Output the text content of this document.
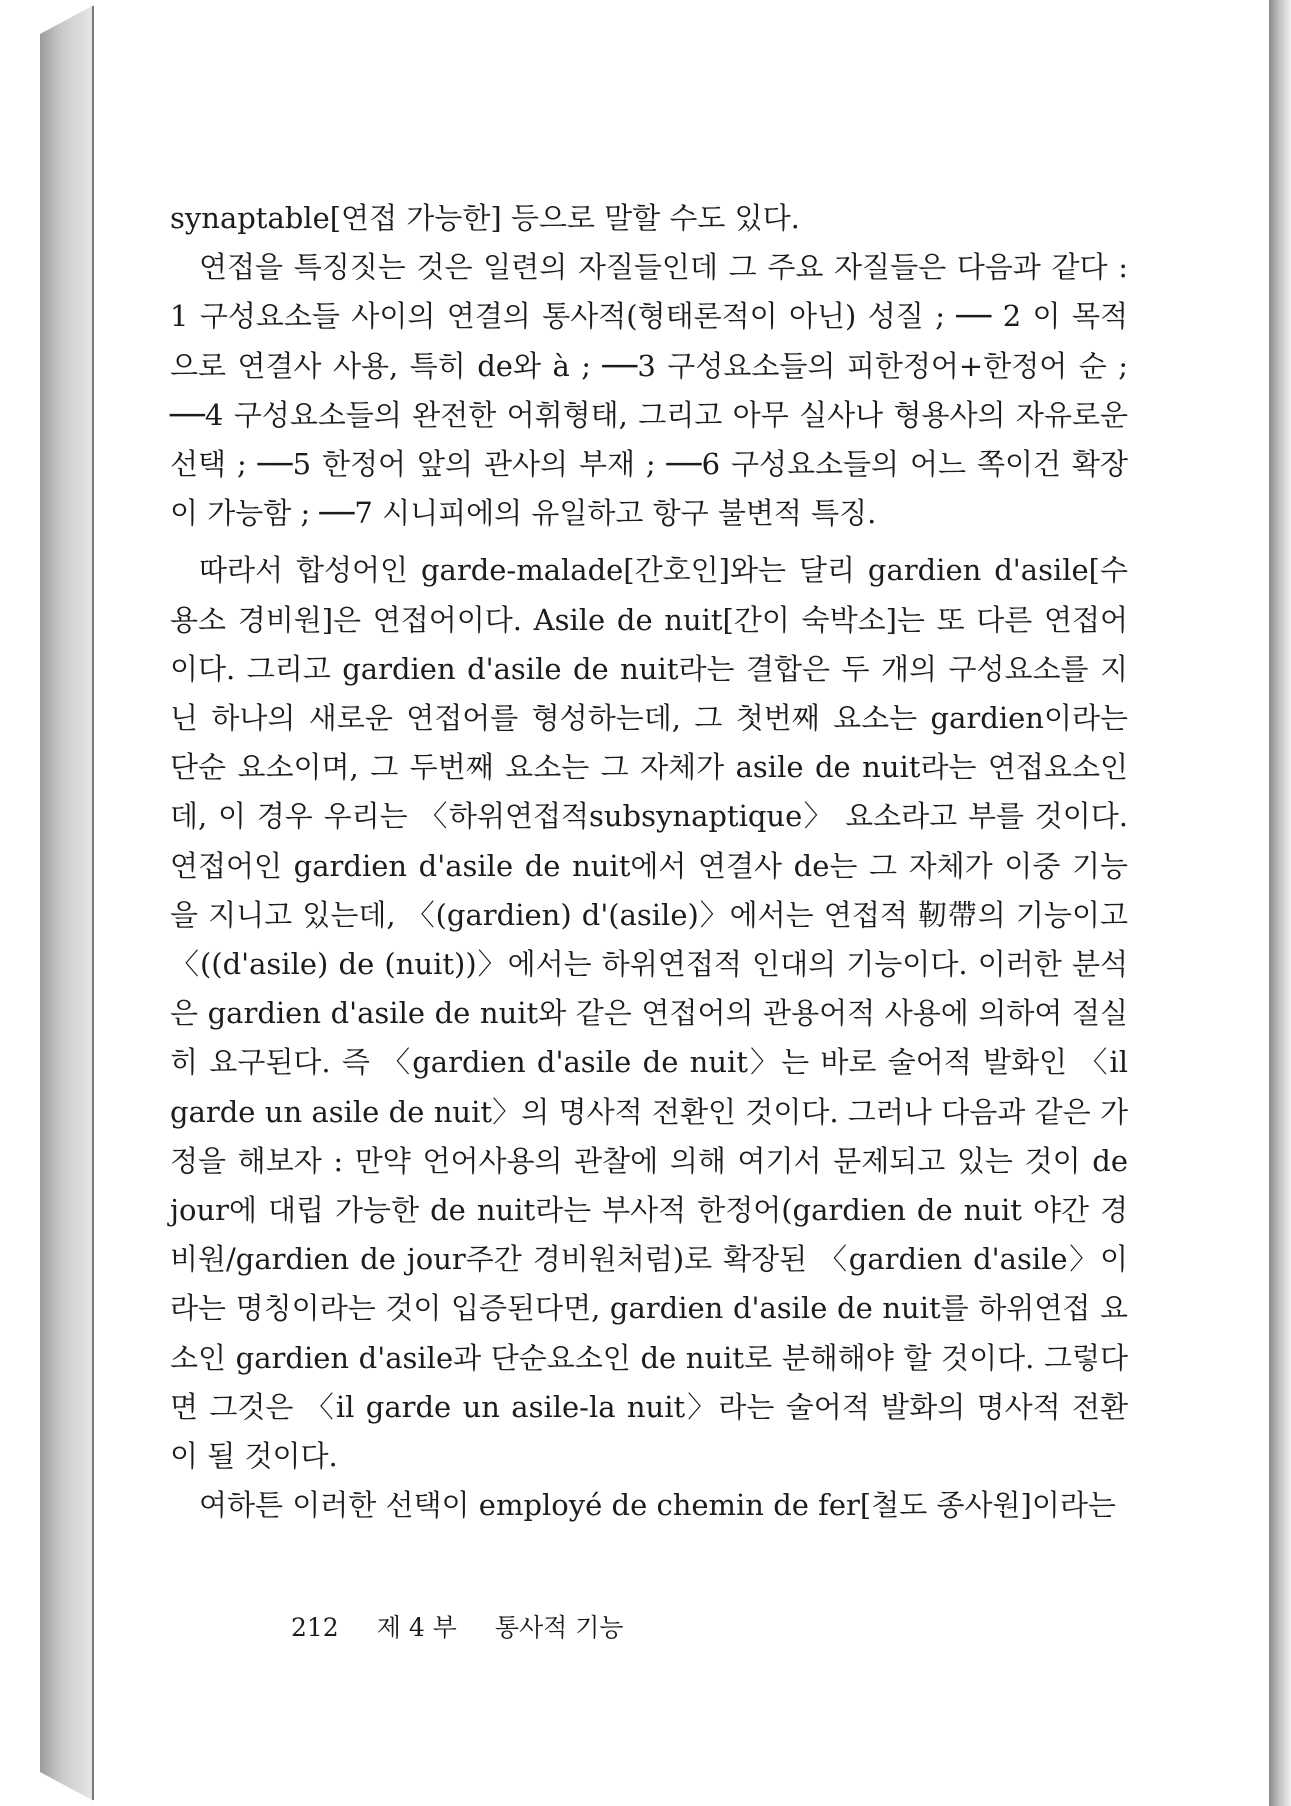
synaptable[연접 가능한] 등으로 말할 수도 있다.

연접을 특징짓는 것은 일련의 자질들인데 그 주요 자질들은 다음과 같다 : 1 구성요소들 사이의 연결의 통사적(형태론적이 아닌) 성질 ; ── 2 이 목적으로 연결사 사용, 특히 de와 à ; ──3 구성요소들의 피한정어+한정어 순 ; ──4 구성요소들의 완전한 어휘형태, 그리고 아무 실사나 형용사의 자유로운 선택 ; ──5 한정어 앞의 관사의 부재 ; ──6 구성요소들의 어느 쪽이건 확장이 가능함 ; ──7 시니피에의 유일하고 항구 불변적 특징.

따라서 합성어인 garde-malade[간호인]와는 달리 gardien d'asile[수용소 경비원]은 연접어이다. Asile de nuit[간이 숙박소]는 또 다른 연접어이다. 그리고 gardien d'asile de nuit라는 결합은 두 개의 구성요소를 지닌 하나의 새로운 연접어를 형성하는데, 그 첫번째 요소는 gardien이라는 단순 요소이며, 그 두번째 요소는 그 자체가 asile de nuit라는 연접요소인데, 이 경우 우리는 〈하위연접적subsynaptique〉 요소라고 부를 것이다. 연접어인 gardien d'asile de nuit에서 연결사 de는 그 자체가 이중 기능을 지니고 있는데, 〈(gardien) d'(asile)〉에서는 연접적 靭帶의 기능이고 〈((d'asile) de (nuit))〉에서는 하위연접적 인대의 기능이다. 이러한 분석은 gardien d'asile de nuit와 같은 연접어의 관용어적 사용에 의하여 절실히 요구된다. 즉 〈gardien d'asile de nuit〉는 바로 술어적 발화인 〈il garde un asile de nuit〉의 명사적 전환인 것이다. 그러나 다음과 같은 가정을 해보자 : 만약 언어사용의 관찰에 의해 여기서 문제되고 있는 것이 de jour에 대립 가능한 de nuit라는 부사적 한정어(gardien de nuit 야간 경비원/gardien de jour주간 경비원처럼)로 확장된 〈gardien d'asile〉이라는 명칭이라는 것이 입증된다면, gardien d'asile de nuit를 하위연접 요소인 gardien d'asile과 단순요소인 de nuit로 분해해야 할 것이다. 그렇다면 그것은 〈il garde un asile-la nuit〉라는 술어적 발화의 명사적 전환이 될 것이다.

여하튼 이러한 선택이 employé de chemin de fer[철도 종사원]이라는

212 제 4 부 통사적 기능
